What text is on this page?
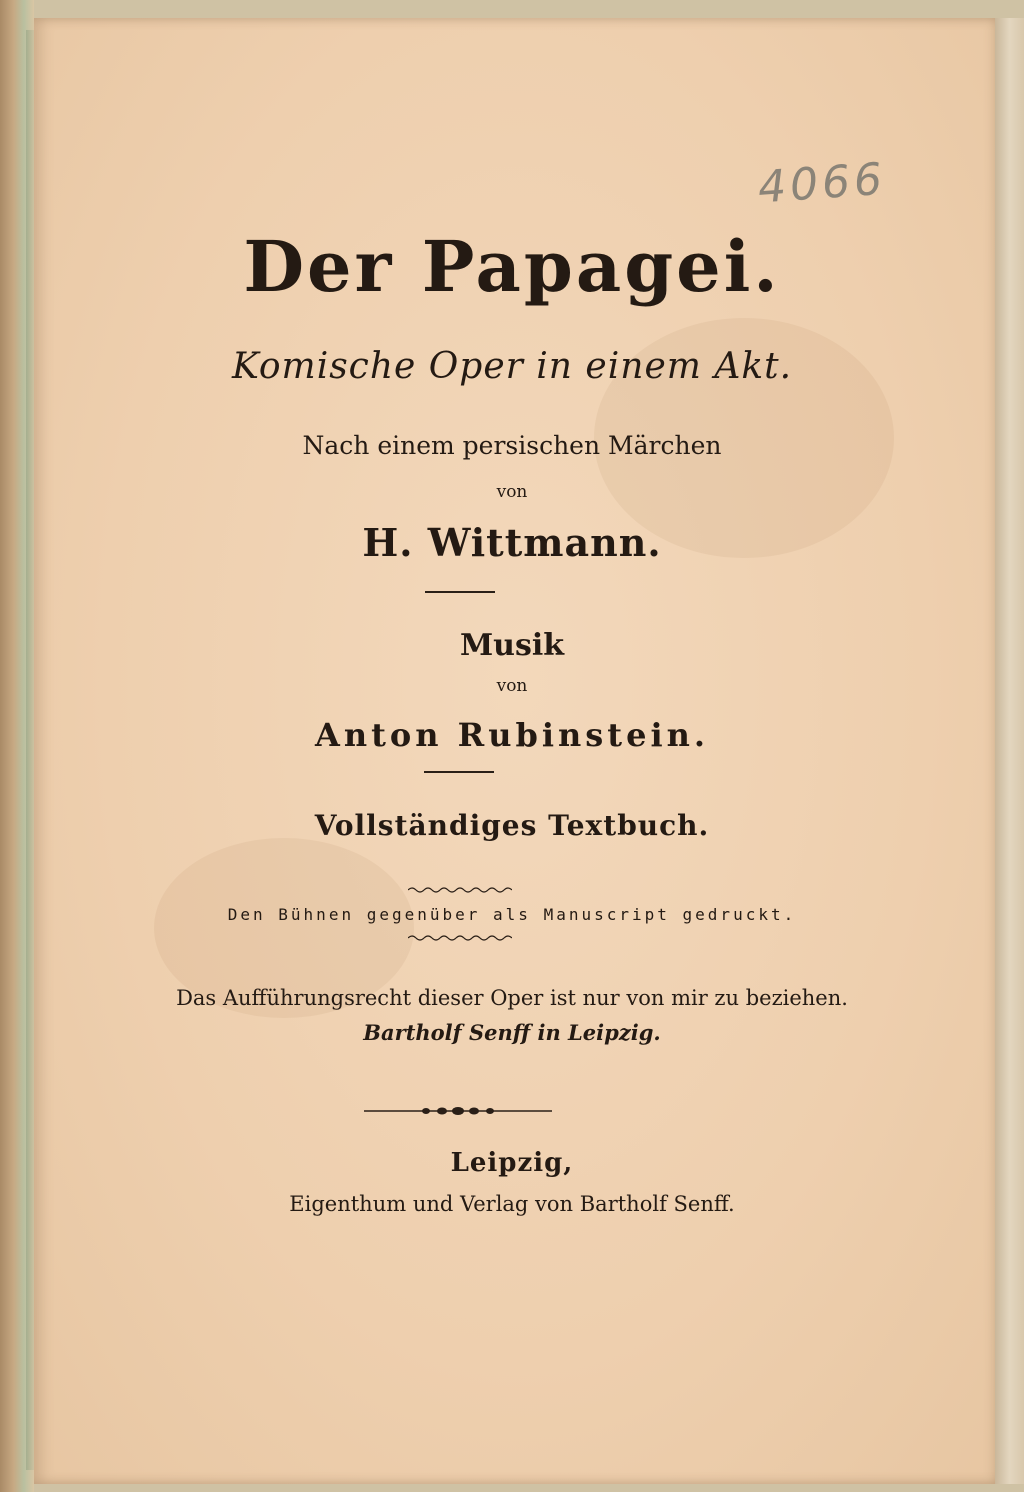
4066
Der Papagei.
Komische Oper in einem Akt.
Nach einem persischen Märchen
von
H. Wittmann.
Musik
von
Anton Rubinstein.
Vollständiges Textbuch.
Den Bühnen gegenüber als Manuscript gedruckt.
Das Aufführungsrecht dieser Oper ist nur von mir zu beziehen.
Bartholf Senff in Leipzig.
Leipzig,
Eigenthum und Verlag von Bartholf Senff.
